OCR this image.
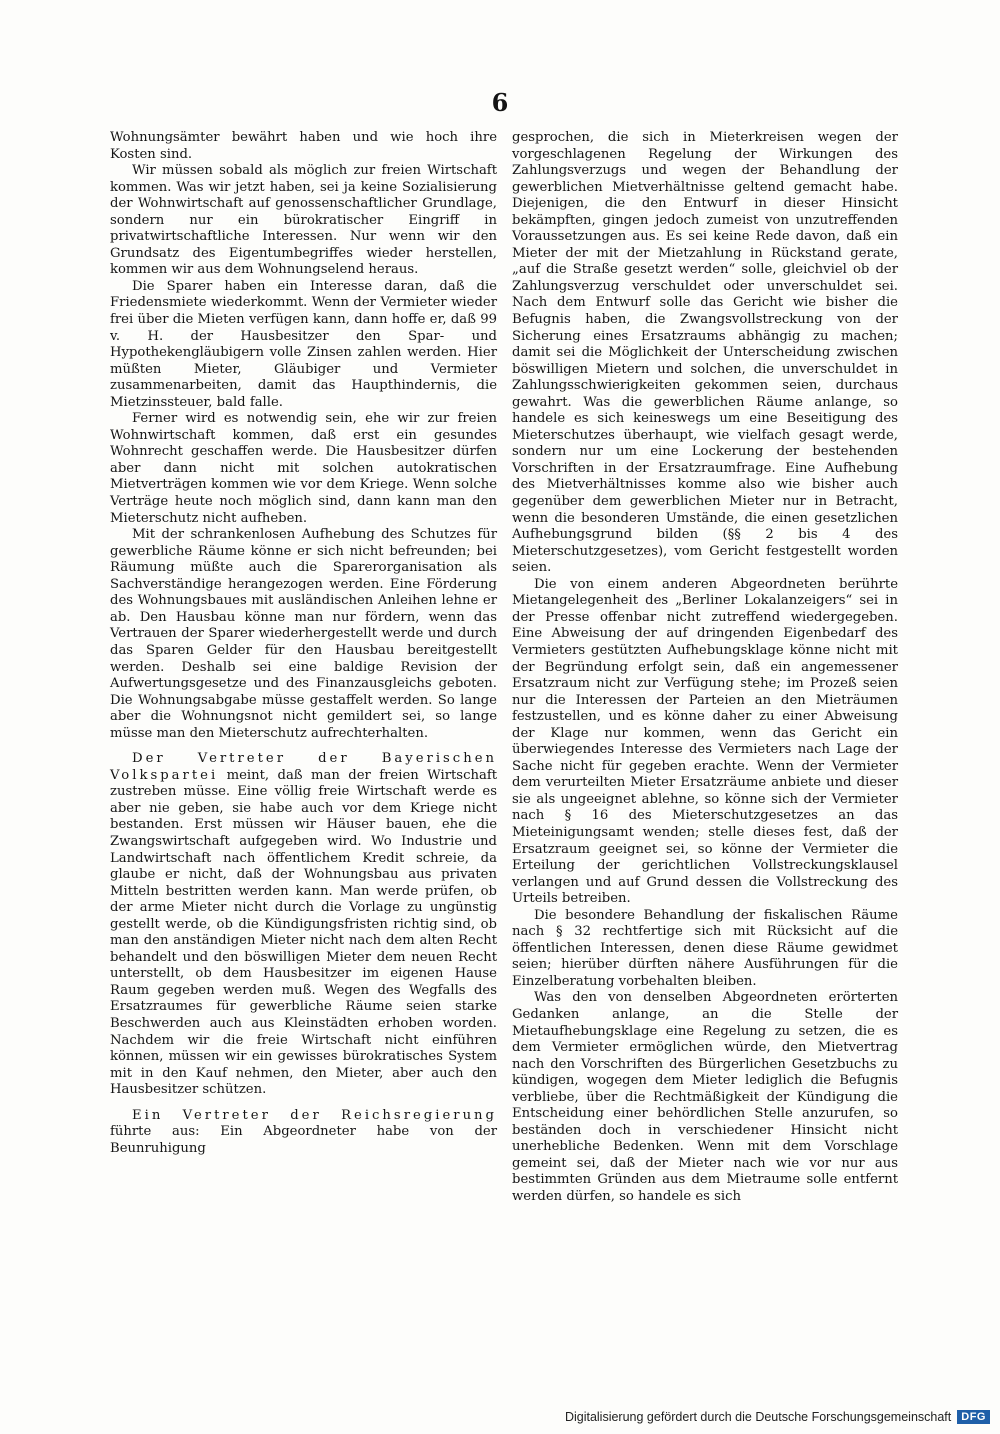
6

Wohnungsämter bewährt haben und wie hoch ihre Kosten sind.

Wir müssen sobald als möglich zur freien Wirtschaft kommen. Was wir jetzt haben, sei ja keine Sozialisierung der Wohnwirtschaft auf genossenschaftlicher Grundlage, sondern nur ein bürokratischer Eingriff in privatwirtschaftliche Interessen. Nur wenn wir den Grundsatz des Eigentumbegriffes wieder herstellen, kommen wir aus dem Wohnungselend heraus.

Die Sparer haben ein Interesse daran, daß die Friedensmiete wiederkommt. Wenn der Vermieter wieder frei über die Mieten verfügen kann, dann hoffe er, daß 99 v. H. der Hausbesitzer den Spar- und Hypothekengläubigern volle Zinsen zahlen werden. Hier müßten Mieter, Gläubiger und Vermieter zusammenarbeiten, damit das Haupthindernis, die Mietzinssteuer, bald falle.

Ferner wird es notwendig sein, ehe wir zur freien Wohnwirtschaft kommen, daß erst ein gesundes Wohnrecht geschaffen werde. Die Hausbesitzer dürfen aber dann nicht mit solchen autokratischen Mietverträgen kommen wie vor dem Kriege. Wenn solche Verträge heute noch möglich sind, dann kann man den Mieterschutz nicht aufheben.

Mit der schrankenlosen Aufhebung des Schutzes für gewerbliche Räume könne er sich nicht befreunden; bei Räumung müßte auch die Sparerorganisation als Sachverständige herangezogen werden. Eine Förderung des Wohnungsbaues mit ausländischen Anleihen lehne er ab. Den Hausbau könne man nur fördern, wenn das Vertrauen der Sparer wiederhergestellt werde und durch das Sparen Gelder für den Hausbau bereitgestellt werden. Deshalb sei eine baldige Revision der Aufwertungsgesetze und des Finanzausgleichs geboten. Die Wohnungsabgabe müsse gestaffelt werden. So lange aber die Wohnungsnot nicht gemildert sei, so lange müsse man den Mieterschutz aufrechterhalten.

Der Vertreter der Bayerischen Volkspartei meint, daß man der freien Wirtschaft zustreben müsse. Eine völlig freie Wirtschaft werde es aber nie geben, sie habe auch vor dem Kriege nicht bestanden. Erst müssen wir Häuser bauen, ehe die Zwangswirtschaft aufgegeben wird. Wo Industrie und Landwirtschaft nach öffentlichem Kredit schreie, da glaube er nicht, daß der Wohnungsbau aus privaten Mitteln bestritten werden kann. Man werde prüfen, ob der arme Mieter nicht durch die Vorlage zu ungünstig gestellt werde, ob die Kündigungsfristen richtig sind, ob man den anständigen Mieter nicht nach dem alten Recht behandelt und den böswilligen Mieter dem neuen Recht unterstellt, ob dem Hausbesitzer im eigenen Hause Raum gegeben werden muß. Wegen des Wegfalls des Ersatzraumes für gewerbliche Räume seien starke Beschwerden auch aus Kleinstädten erhoben worden. Nachdem wir die freie Wirtschaft nicht einführen können, müssen wir ein gewisses bürokratisches System mit in den Kauf nehmen, den Mieter, aber auch den Hausbesitzer schützen.

Ein Vertreter der Reichsregierung führte aus: Ein Abgeordneter habe von der Beunruhigung

gesprochen, die sich in Mieterkreisen wegen der vorgeschlagenen Regelung der Wirkungen des Zahlungsverzugs und wegen der Behandlung der gewerblichen Mietverhältnisse geltend gemacht habe. Diejenigen, die den Entwurf in dieser Hinsicht bekämpften, gingen jedoch zumeist von unzutreffenden Voraussetzungen aus. Es sei keine Rede davon, daß ein Mieter der mit der Mietzahlung in Rückstand gerate, „auf die Straße gesetzt werden“ solle, gleichviel ob der Zahlungsverzug verschuldet oder unverschuldet sei. Nach dem Entwurf solle das Gericht wie bisher die Befugnis haben, die Zwangsvollstreckung von der Sicherung eines Ersatzraums abhängig zu machen; damit sei die Möglichkeit der Unterscheidung zwischen böswilligen Mietern und solchen, die unverschuldet in Zahlungsschwierigkeiten gekommen seien, durchaus gewahrt. Was die gewerblichen Räume anlange, so handele es sich keineswegs um eine Beseitigung des Mieterschutzes überhaupt, wie vielfach gesagt werde, sondern nur um eine Lockerung der bestehenden Vorschriften in der Ersatzraumfrage. Eine Aufhebung des Mietverhältnisses komme also wie bisher auch gegenüber dem gewerblichen Mieter nur in Betracht, wenn die besonderen Umstände, die einen gesetzlichen Aufhebungsgrund bilden (§§ 2 bis 4 des Mieterschutzgesetzes), vom Gericht festgestellt worden seien.

Die von einem anderen Abgeordneten berührte Mietangelegenheit des „Berliner Lokalanzeigers“ sei in der Presse offenbar nicht zutreffend wiedergegeben. Eine Abweisung der auf dringenden Eigenbedarf des Vermieters gestützten Aufhebungsklage könne nicht mit der Begründung erfolgt sein, daß ein angemessener Ersatzraum nicht zur Verfügung stehe; im Prozeß seien nur die Interessen der Parteien an den Mieträumen festzustellen, und es könne daher zu einer Abweisung der Klage nur kommen, wenn das Gericht ein überwiegendes Interesse des Vermieters nach Lage der Sache nicht für gegeben erachte. Wenn der Vermieter dem verurteilten Mieter Ersatzräume anbiete und dieser sie als ungeeignet ablehne, so könne sich der Vermieter nach § 16 des Mieterschutzgesetzes an das Mieteinigungsamt wenden; stelle dieses fest, daß der Ersatzraum geeignet sei, so könne der Vermieter die Erteilung der gerichtlichen Vollstreckungsklausel verlangen und auf Grund dessen die Vollstreckung des Urteils betreiben.

Die besondere Behandlung der fiskalischen Räume nach § 32 rechtfertige sich mit Rücksicht auf die öffentlichen Interessen, denen diese Räume gewidmet seien; hierüber dürften nähere Ausführungen für die Einzelberatung vorbehalten bleiben.

Was den von denselben Abgeordneten erörterten Gedanken anlange, an die Stelle der Mietaufhebungsklage eine Regelung zu setzen, die es dem Vermieter ermöglichen würde, den Mietvertrag nach den Vorschriften des Bürgerlichen Gesetzbuchs zu kündigen, wogegen dem Mieter lediglich die Befugnis verbliebe, über die Rechtmäßigkeit der Kündigung die Entscheidung einer behördlichen Stelle anzurufen, so beständen doch in verschiedener Hinsicht nicht unerhebliche Bedenken. Wenn mit dem Vorschlage gemeint sei, daß der Mieter nach wie vor nur aus bestimmten Gründen aus dem Mietraume solle entfernt werden dürfen, so handele es sich

Digitalisierung gefördert durch die Deutsche Forschungsgemeinschaft DFG
